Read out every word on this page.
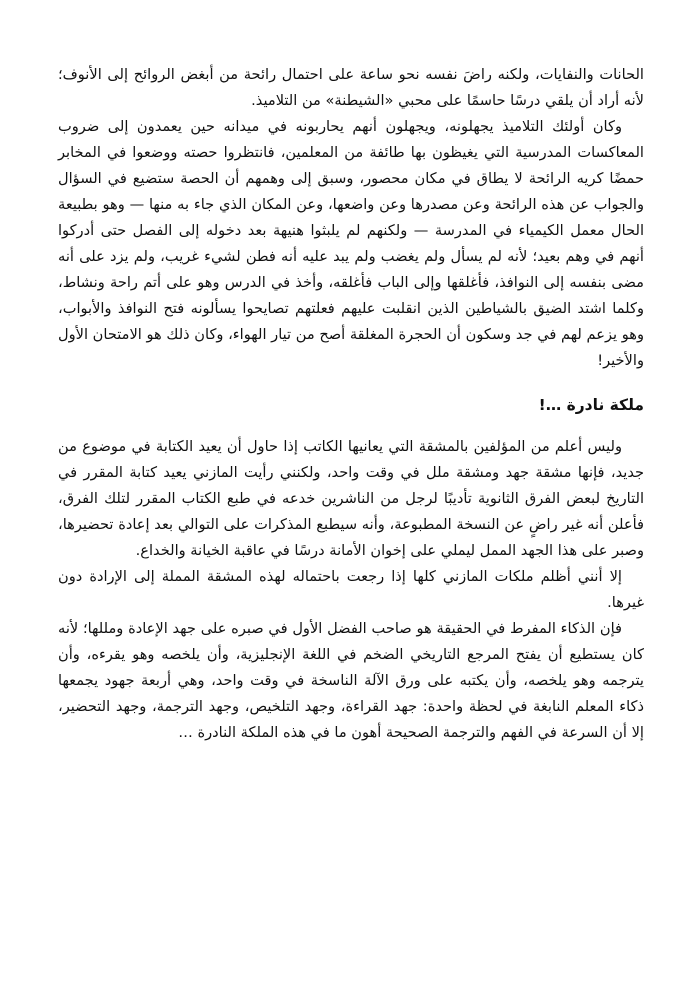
الحانات والنفايات، ولكنه راضَ نفسه نحو ساعة على احتمال رائحة من أبغض الروائح إلى الأنوف؛ لأنه أراد أن يلقي درسًا حاسمًا على محبي «الشيطنة» من التلاميذ.

وكان أولئك التلاميذ يجهلونه، ويجهلون أنهم يحاربونه في ميدانه حين يعمدون إلى ضروب المعاكسات المدرسية التي يغيظون بها طائفة من المعلمين، فانتظروا حصته ووضعوا في المخابر حمضًا كريه الرائحة لا يطاق في مكان محصور، وسبق إلى وهمهم أن الحصة ستضيع في السؤال والجواب عن هذه الرائحة وعن مصدرها وعن واضعها، وعن المكان الذي جاء به منها — وهو بطبيعة الحال معمل الكيمياء في المدرسة — ولكنهم لم يلبثوا هنيهة بعد دخوله إلى الفصل حتى أدركوا أنهم في وهم بعيد؛ لأنه لم يسأل ولم يغضب ولم يبد عليه أنه فطن لشيء غريب، ولم يزد على أنه مضى بنفسه إلى النوافذ، فأغلقها وإلى الباب فأغلقه، وأخذ في الدرس وهو على أتم راحة ونشاط، وكلما اشتد الضيق بالشياطين الذين انقلبت عليهم فعلتهم تصايحوا يسألونه فتح النوافذ والأبواب، وهو يزعم لهم في جد وسكون أن الحجرة المغلقة أصح من تيار الهواء، وكان ذلك هو الامتحان الأول والأخير!

ملكة نادرة …!

وليس أعلم من المؤلفين بالمشقة التي يعانيها الكاتب إذا حاول أن يعيد الكتابة في موضوع من جديد، فإنها مشقة جهد ومشقة ملل في وقت واحد، ولكنني رأيت المازني يعيد كتابة المقرر في التاريخ لبعض الفرق الثانوية تأديبًا لرجل من الناشرين خدعه في طبع الكتاب المقرر لتلك الفرق، فأعلن أنه غير راضٍ عن النسخة المطبوعة، وأنه سيطبع المذكرات على التوالي بعد إعادة تحضيرها، وصبر على هذا الجهد الممل ليملي على إخوان الأمانة درسًا في عاقبة الخيانة والخداع.

إلا أنني أظلم ملكات المازني كلها إذا رجعت باحتماله لهذه المشقة المملة إلى الإرادة دون غيرها.

فإن الذكاء المفرط في الحقيقة هو صاحب الفضل الأول في صبره على جهد الإعادة ومللها؛ لأنه كان يستطيع أن يفتح المرجع التاريخي الضخم في اللغة الإنجليزية، وأن يلخصه وهو يقرءه، وأن يترجمه وهو يلخصه، وأن يكتبه على ورق الآلة الناسخة في وقت واحد، وهي أربعة جهود يجمعها ذكاء المعلم النابغة في لحظة واحدة: جهد القراءة، وجهد التلخيص، وجهد الترجمة، وجهد التحضير، إلا أن السرعة في الفهم والترجمة الصحيحة أهون ما في هذه الملكة النادرة …
